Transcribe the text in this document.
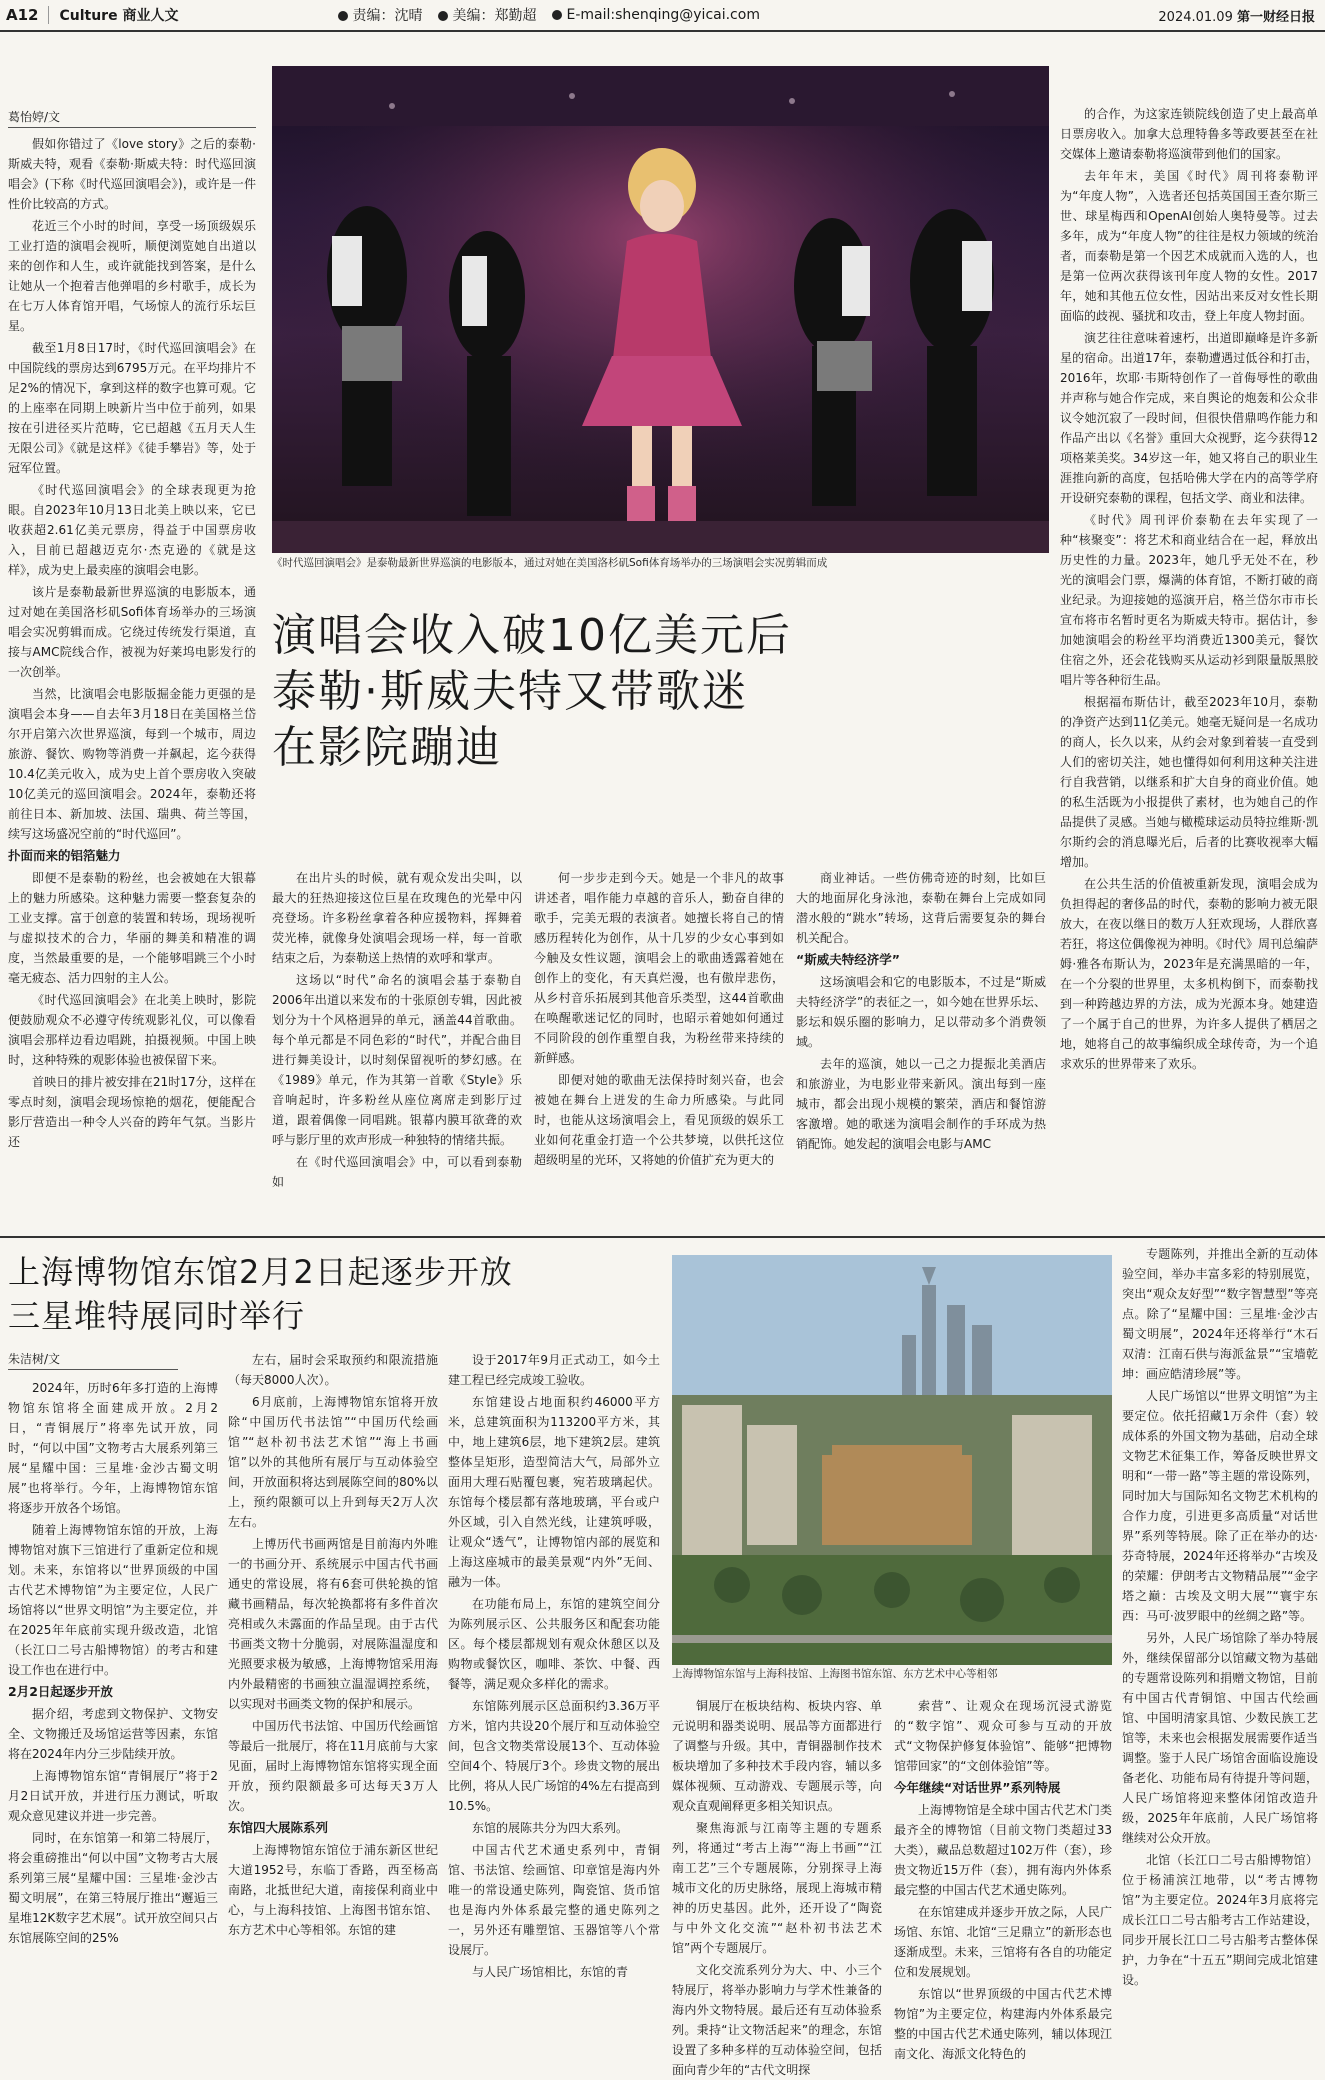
A12	Culture 商业人文	责编：沈晴	美编：郑勤超	E-mail:shenqing@yicai.com	2024.01.09 第一财经日报
葛怡婷/文

假如你错过了《love story》之后的泰勒·斯威夫特，观看《泰勒·斯威夫特：时代巡回演唱会》(下称《时代巡回演唱会》)，或许是一件性价比较高的方式。

花近三个小时的时间，享受一场顶级娱乐工业打造的演唱会视听，顺便浏览她自出道以来的创作和人生，或许就能找到答案，是什么让她从一个抱着吉他弹唱的乡村歌手，成长为在七万人体育馆开唱，气场惊人的流行乐坛巨星。

截至1月8日17时，《时代巡回演唱会》在中国院线的票房达到6795万元。在平均排片不足2%的情况下，拿到这样的数字也算可观。它的上座率在同期上映新片当中位于前列，如果按在引进径买片范畴，它已超越《五月天人生无限公司》《就是这样》《徒手攀岩》等，处于冠军位置。

《时代巡回演唱会》的全球表现更为抢眼。自2023年10月13日北美上映以来，它已收获超2.61亿美元票房，得益于中国票房收入，目前已超越迈克尔·杰克逊的《就是这样》，成为史上最卖座的演唱会电影。

该片是泰勒最新世界巡演的电影版本，通过对她在美国洛杉矶Sofi体育场举办的三场演唱会实况剪辑而成。它绕过传统发行渠道，直接与AMC院线合作，被视为好莱坞电影发行的一次创举。

当然，比演唱会电影版掘金能力更强的是演唱会本身——自去年3月18日在美国格兰岱尔开启第六次世界巡演，每到一个城市，周边旅游、餐饮、购物等消费一并飙起，迄今获得10.4亿美元收入，成为史上首个票房收入突破10亿美元的巡回演唱会。2024年，泰勒还将前往日本、新加坡、法国、瑞典、荷兰等国，续写这场盛况空前的“时代巡回”。

扑面而来的铝箔魅力

即便不是泰勒的粉丝，也会被她在大银幕上的魅力所感染。这种魅力需要一整套复杂的工业支撑。富于创意的装置和转场，现场视听与虚拟技术的合力，华丽的舞美和精准的调度，当然最重要的是，一个能够唱跳三个小时毫无疲态、活力四射的主人公。

《时代巡回演唱会》在北美上映时，影院便鼓励观众不必遵守传统观影礼仪，可以像看演唱会那样边看边唱跳，拍摄视频。中国上映时，这种特殊的观影体验也被保留下来。

首映日的排片被安排在21时17分，这样在零点时刻，演唱会现场惊艳的烟花，便能配合影厅营造出一种令人兴奋的跨年气氛。当影片还

《时代巡回演唱会》是泰勒最新世界巡演的电影版本，通过对她在美国洛杉矶Sofi体育场举办的三场演唱会实况剪辑而成
演唱会收入破10亿美元后
泰勒·斯威夫特又带歌迷
在影院蹦迪

在出片头的时候，就有观众发出尖叫，以最大的狂热迎接这位巨星在玫瑰色的光晕中闪亮登场。许多粉丝拿着各种应援物料，挥舞着荧光棒，就像身处演唱会现场一样，每一首歌结束之后，为泰勒送上热情的欢呼和掌声。

这场以“时代”命名的演唱会基于泰勒自2006年出道以来发布的十张原创专辑，因此被划分为十个风格迥异的单元，涵盖44首歌曲。每个单元都是不同色彩的“时代”，并配合曲目进行舞美设计，以时刻保留视听的梦幻感。在《1989》单元，作为其第一首歌《Style》乐音响起时，许多粉丝从座位离席走到影厅过道，跟着偶像一同唱跳。银幕内膜耳欲聋的欢呼与影厅里的欢声形成一种独特的情绪共振。

在《时代巡回演唱会》中，可以看到泰勒如

何一步步走到今天。她是一个非凡的故事讲述者，唱作能力卓越的音乐人，勤奋自律的歌手，完美无瑕的表演者。她擅长将自己的情感历程转化为创作，从十几岁的少女心事到如今触及女性议题，演唱会上的歌曲透露着她在创作上的变化，有天真烂漫，也有傲岸悲伤，从乡村音乐拓展到其他音乐类型，这44首歌曲在唤醒歌迷记忆的同时，也昭示着她如何通过不同阶段的创作重塑自我，为粉丝带来持续的新鲜感。

即便对她的歌曲无法保持时刻兴奋，也会被她在舞台上迸发的生命力所感染。与此同时，也能从这场演唱会上，看见顶级的娱乐工业如何花重金打造一个公共梦境，以供托这位超级明星的光环，又将她的价值扩充为更大的

商业神话。一些仿佛奇迹的时刻，比如巨大的地面屏化身泳池，泰勒在舞台上完成如同潜水般的“跳水”转场，这背后需要复杂的舞台机关配合。

“斯威夫特经济学”

这场演唱会和它的电影版本，不过是“斯威夫特经济学”的表征之一，如今她在世界乐坛、影坛和娱乐圈的影响力，足以带动多个消费领域。

去年的巡演，她以一己之力提振北美酒店和旅游业，为电影业带来新风。演出每到一座城市，都会出现小规模的繁荣，酒店和餐馆游客激增。她的歌迷为演唱会制作的手环成为热销配饰。她发起的演唱会电影与AMC

的合作，为这家连锁院线创造了史上最高单日票房收入。加拿大总理特鲁多等政要甚至在社交媒体上邀请泰勒将巡演带到他们的国家。

去年年末，美国《时代》周刊将泰勒评为“年度人物”，入选者还包括英国国王查尔斯三世、球星梅西和OpenAI创始人奥特曼等。过去多年，成为“年度人物”的往往是权力领域的统治者，而泰勒是第一个因艺术成就而入选的人，也是第一位两次获得该刊年度人物的女性。2017年，她和其他五位女性，因站出来反对女性长期面临的歧视、骚扰和攻击，登上年度人物封面。

演艺往往意味着速朽，出道即巅峰是许多新星的宿命。出道17年，泰勒遭遇过低谷和打击，2016年，坎耶·韦斯特创作了一首侮辱性的歌曲并声称与她合作完成，来自舆论的炮轰和公众非议令她沉寂了一段时间，但很快借鼎鸣作能力和作品产出以《名誉》重回大众视野，迄今获得12项格莱美奖。34岁这一年，她又将自己的职业生涯推向新的高度，包括哈佛大学在内的高等学府开设研究泰勒的课程，包括文学、商业和法律。

《时代》周刊评价泰勒在去年实现了一种“核聚变”：将艺术和商业结合在一起，释放出历史性的力量。2023年，她几乎无处不在，秒光的演唱会门票，爆满的体育馆，不断打破的商业纪录。为迎接她的巡演开启，格兰岱尔市市长宣布将市名暂时更名为斯威夫特市。据估计，参加她演唱会的粉丝平均消费近1300美元，餐饮住宿之外，还会花钱购买从运动衫到限量版黑胶唱片等各种衍生品。

根据福布斯估计，截至2023年10月，泰勒的净资产达到11亿美元。她毫无疑问是一名成功的商人，长久以来，从约会对象到着装一直受到人们的密切关注，她也懂得如何利用这种关注进行自我营销，以继系和扩大自身的商业价值。她的私生活既为小报提供了素材，也为她自己的作品提供了灵感。当她与橄榄球运动员特拉维斯·凯尔斯约会的消息曝光后，后者的比赛收视率大幅增加。

在公共生活的价值被重新发现，演唱会成为负担得起的奢侈品的时代，泰勒的影响力被无限放大，在夜以继日的数万人狂欢现场，人群欣喜若狂，将这位偶像视为神明。《时代》周刊总编萨姆·雅各布斯认为，2023年是充满黑暗的一年，在一个分裂的世界里，太多机构倒下，而泰勒找到一种跨越边界的方法，成为光源本身。她建造了一个属于自己的世界，为许多人提供了栖居之地，她将自己的故事编织成全球传奇，为一个追求欢乐的世界带来了欢乐。

上海博物馆东馆2月2日起逐步开放
三星堆特展同时举行
朱洁树/文
上海博物馆东馆与上海科技馆、上海图书馆东馆、东方艺术中心等相邻

2024年，历时6年多打造的上海博物馆东馆将全面建成开放。2月2日，“青铜展厅”将率先试开放，同时，“何以中国”文物考古大展系列第三展“星耀中国：三星堆·金沙古蜀文明展”也将举行。今年，上海博物馆东馆将逐步开放各个场馆。

随着上海博物馆东馆的开放，上海博物馆对旗下三馆进行了重新定位和规划。未来，东馆将以“世界顶级的中国古代艺术博物馆”为主要定位，人民广场馆将以“世界文明馆”为主要定位，并在2025年年底前实现升级改造，北馆（长江口二号古船博物馆）的考古和建设工作也在进行中。

2月2日起逐步开放

据介绍，考虑到文物保护、文物安全、文物搬迁及场馆运营等因素，东馆将在2024年内分三步陆续开放。

上海博物馆东馆“青铜展厅”将于2月2日试开放，并进行压力测试，听取观众意见建议并进一步完善。

同时，在东馆第一和第二特展厅，将会重磅推出“何以中国”文物考古大展系列第三展“星耀中国：三星堆·金沙古蜀文明展”，在第三特展厅推出“邂逅三星堆12K数字艺术展”。试开放空间只占东馆展陈空间的25%

左右，届时会采取预约和限流措施（每天8000人次）。

6月底前，上海博物馆东馆将开放除“中国历代书法馆”“中国历代绘画馆”“赵朴初书法艺术馆”“海上书画馆”以外的其他所有展厅与互动体验空间，开放面积将达到展陈空间的80%以上，预约限额可以上升到每天2万人次左右。

上博历代书画两馆是目前海内外唯一的书画分开、系统展示中国古代书画通史的常设展，将有6套可供轮换的馆藏书画精品，每次轮换都将有多件首次亮相或久未露面的作品呈现。由于古代书画类文物十分脆弱，对展陈温湿度和光照要求极为敏感，上海博物馆采用海内外最精密的书画独立温湿调控系统，以实现对书画类文物的保护和展示。

中国历代书法馆、中国历代绘画馆等最后一批展厅，将在11月底前与大家见面，届时上海博物馆东馆将实现全面开放，预约限额最多可达每天3万人次。

东馆四大展陈系列

上海博物馆东馆位于浦东新区世纪大道1952号，东临丁香路，西至杨高南路，北抵世纪大道，南接保利商业中心，与上海科技馆、上海图书馆东馆、东方艺术中心等相邻。东馆的建

设于2017年9月正式动工，如今土建工程已经完成竣工验收。

东馆建设占地面积约46000平方米，总建筑面积为113200平方米，其中，地上建筑6层，地下建筑2层。建筑整体呈矩形，造型简洁大气，局部外立面用大理石贴覆包裹，宛若玻璃起伏。东馆每个楼层都有落地玻璃，平台或户外区域，引入自然光线，让建筑呼吸，让观众“透气”，让博物馆内部的展览和上海这座城市的最美景观“内外”无间、融为一体。

在功能布局上，东馆的建筑空间分为陈列展示区、公共服务区和配套功能区。每个楼层都规划有观众休憩区以及购物或餐饮区，咖啡、茶饮、中餐、西餐等，满足观众多样化的需求。

东馆陈列展示区总面积约3.36万平方米，馆内共设20个展厅和互动体验空间，包含文物类常设展13个、互动体验空间4个、特展厅3个。珍贵文物的展出比例，将从人民广场馆的4%左右提高到10.5%。

东馆的展陈共分为四大系列。

中国古代艺术通史系列中，青铜馆、书法馆、绘画馆、印章馆是海内外唯一的常设通史陈列，陶瓷馆、货币馆也是海内外体系最完整的通史陈列之一，另外还有雕塑馆、玉器馆等八个常设展厅。

与人民广场馆相比，东馆的青

铜展厅在板块结构、板块内容、单元说明和器类说明、展品等方面都进行了调整与升级。其中，青铜器制作技术板块增加了多种技术手段内容，辅以多媒体视频、互动游戏、专题展示等，向观众直观阐释更多相关知识点。

聚焦海派与江南等主题的专题系列，将通过“考古上海”“海上书画”“江南工艺”三个专题展陈，分别探寻上海城市文化的历史脉络，展现上海城市精神的历史基因。此外，还开设了“陶瓷与中外文化交流”“赵朴初书法艺术馆”两个专题展厅。

文化交流系列分为大、中、小三个特展厅，将举办影响力与学术性兼备的海内外文物特展。最后还有互动体验系列。秉持“让文物活起来”的理念，东馆设置了多种多样的互动体验空间，包括面向青少年的“古代文明探

索营”、让观众在现场沉浸式游览的“数字馆”、观众可参与互动的开放式“文物保护修复体验馆”、能够“把博物馆带回家”的“文创体验馆”等。

今年继续“对话世界”系列特展

上海博物馆是全球中国古代艺术门类最齐全的博物馆（目前文物门类超过33大类），藏品总数超过102万件（套），珍贵文物近15万件（套），拥有海内外体系最完整的中国古代艺术通史陈列。

在东馆建成并逐步开放之际，人民广场馆、东馆、北馆“三足鼎立”的新形态也逐渐成型。未来，三馆将有各自的功能定位和发展规划。

东馆以“世界顶级的中国古代艺术博物馆”为主要定位，构建海内外体系最完整的中国古代艺术通史陈列，辅以体现江南文化、海派文化特色的

专题陈列，并推出全新的互动体验空间，举办丰富多彩的特别展览，突出“观众友好型”“数字智慧型”等亮点。除了“星耀中国：三星堆·金沙古蜀文明展”，2024年还将举行“木石双清：江南石供与海派盆景”“宝墙乾坤：画应皓清珍展”等。

人民广场馆以“世界文明馆”为主要定位。依托招藏1万余件（套）较成体系的外国文物为基础，启动全球文物艺术征集工作，筹备反映世界文明和“一带一路”等主题的常设陈列，同时加大与国际知名文物艺术机构的合作力度，引进更多高质量“对话世界”系列等特展。除了正在举办的达·芬奇特展，2024年还将举办“古埃及的荣耀：伊朗考古文物精品展”“金字塔之巅：古埃及文明大展”“寰宇东西：马可·波罗眼中的丝绸之路”等。

另外，人民广场馆除了举办特展外，继续保留部分以馆藏文物为基础的专题常设陈列和捐赠文物馆，目前有中国古代青铜馆、中国古代绘画馆、中国明清家具馆、少数民族工艺馆等，未来也会根据发展需要作适当调整。鉴于人民广场馆舍面临设施设备老化、功能布局有待提升等问题，人民广场馆将迎来整体闭馆改造升级，2025年年底前，人民广场馆将继续对公众开放。

北馆（长江口二号古船博物馆）位于杨浦滨江地带，以“考古博物馆”为主要定位。2024年3月底将完成长江口二号古船考古工作站建设，同步开展长江口二号古船考古整体保护，力争在“十五五”期间完成北馆建设。
